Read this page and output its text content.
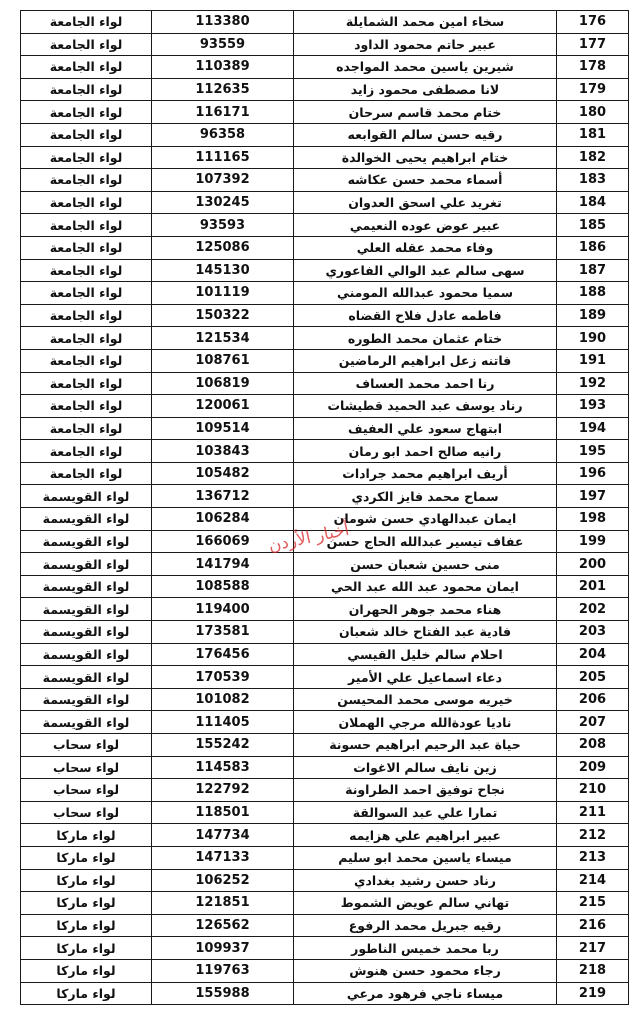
لواء الجامعة	113380	سخاء امين محمد الشمايلة	176
لواء الجامعة	93559	عبير حاتم محمود الداود	177
لواء الجامعة	110389	شيرين ياسين محمد المواجده	178
لواء الجامعة	112635	لانا مصطفى محمود زايد	179
لواء الجامعة	116171	ختام محمد قاسم سرحان	180
لواء الجامعة	96358	رقيه حسن سالم القوابعه	181
لواء الجامعة	111165	ختام ابراهيم يحيى الخوالدة	182
لواء الجامعة	107392	أسماء محمد حسن عكاشه	183
لواء الجامعة	130245	تغريد علي اسحق العدوان	184
لواء الجامعة	93593	عبير عوض عوده النعيمي	185
لواء الجامعة	125086	وفاء محمد عقله العلي	186
لواء الجامعة	145130	سهى سالم عبد الوالي الفاعوري	187
لواء الجامعة	101119	سميا محمود عبدالله المومني	188
لواء الجامعة	150322	فاطمه عادل فلاح القضاه	189
لواء الجامعة	121534	ختام عثمان محمد الطوره	190
لواء الجامعة	108761	فاتنه زعل ابراهيم الرماضين	191
لواء الجامعة	106819	رنا احمد محمد العساف	192
لواء الجامعة	120061	رناد يوسف عبد الحميد قطيشات	193
لواء الجامعة	109514	ابتهاج سعود علي العفيف	194
لواء الجامعة	103843	رانيه صالح احمد ابو رمان	195
لواء الجامعة	105482	أريف ابراهيم محمد جرادات	196
لواء القويسمة	136712	سماح محمد فايز الكردي	197
لواء القويسمة	106284	ايمان عبدالهادي حسن شومان	198
لواء القويسمة	166069	عفاف تيسير عبدالله الحاج حسن	199
لواء القويسمة	141794	منى حسين شعبان حسن	200
لواء القويسمة	108588	ايمان محمود عبد الله عبد الحي	201
لواء القويسمة	119400	هناء محمد جوهر الحهران	202
لواء القويسمة	173581	فادية عبد الفتاح خالد شعبان	203
لواء القويسمة	176456	احلام سالم خليل القيسي	204
لواء القويسمة	170539	دعاء اسماعيل علي الأمير	205
لواء القويسمة	101082	خيريه موسى محمد المحيسن	206
لواء القويسمة	111405	ناديا عودةالله مرجي الهملان	207
لواء سحاب	155242	حياة عبد الرحيم ابراهيم حسونة	208
لواء سحاب	114583	زين نايف سالم الاغوات	209
لواء سحاب	122792	نجاح توفيق احمد الطراونة	210
لواء سحاب	118501	تمارا علي عبد السوالقة	211
لواء ماركا	147734	عبير ابراهيم علي هزايمه	212
لواء ماركا	147133	ميساء ياسين محمد ابو سليم	213
لواء ماركا	106252	رناد حسن رشيد بغدادي	214
لواء ماركا	121851	تهاني سالم عويض الشموط	215
لواء ماركا	126562	رقيه جبريل محمد الرفوع	216
لواء ماركا	109937	ربا محمد خميس الناطور	217
لواء ماركا	119763	رجاء محمود حسن هنوش	218
لواء ماركا	155988	ميساء ناجي فرهود مرعي	219
أخبار الأردن
